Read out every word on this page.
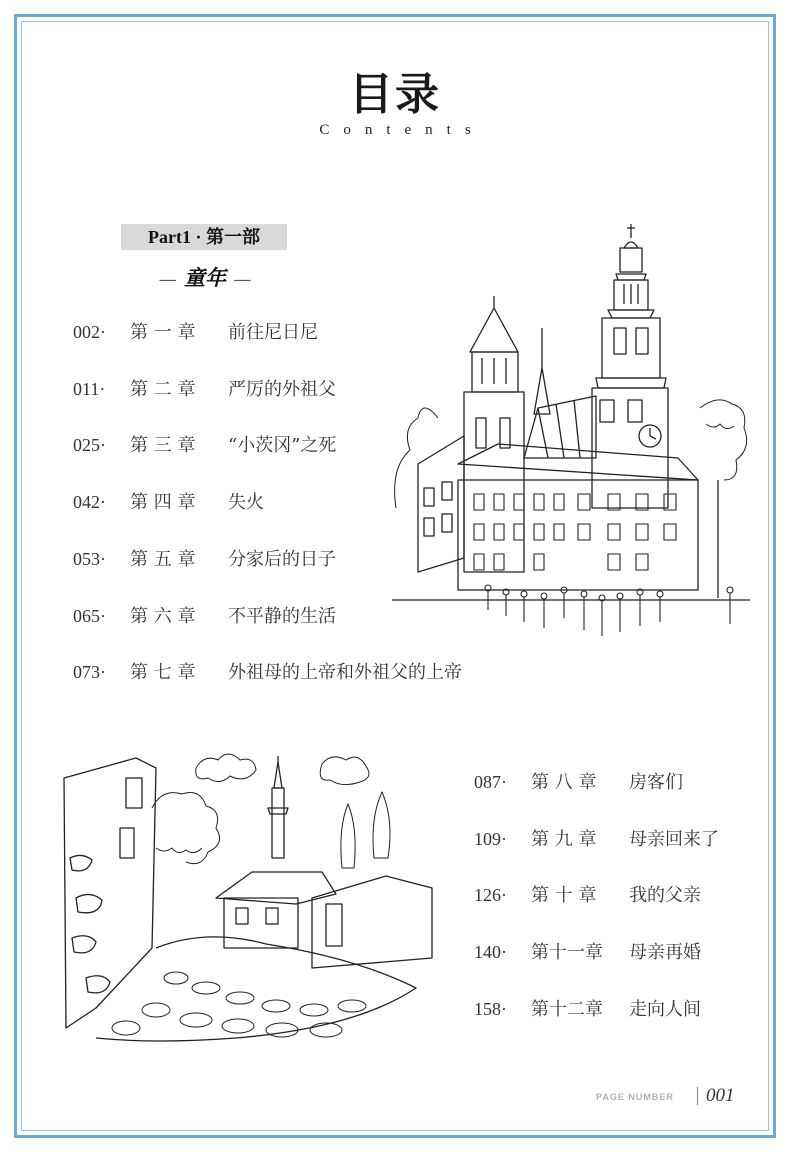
目录
Contents
Part1 · 第一部
— 童年 —
002· 第 一 章 前往尼日尼
011· 第 二 章 严厉的外祖父
025· 第 三 章 “小茨冈”之死
042· 第 四 章 失火
053· 第 五 章 分家后的日子
065· 第 六 章 不平静的生活
073· 第 七 章 外祖母的上帝和外祖父的上帝
087· 第 八 章 房客们
109· 第 九 章 母亲回来了
126· 第 十 章 我的父亲
140· 第十一章 母亲再婚
158· 第十二章 走向人间
PAGE NUMBER 001
